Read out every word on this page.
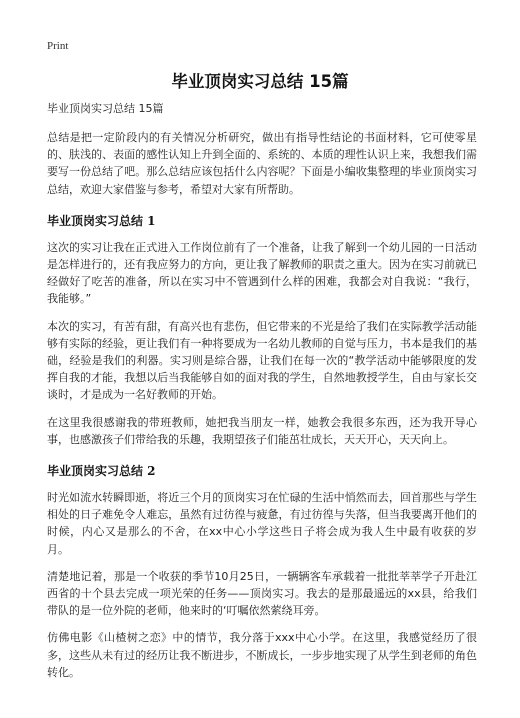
Print
毕业顶岗实习总结 15篇
毕业顶岗实习总结 15篇

总结是把一定阶段内的有关情况分析研究，做出有指导性结论的书面材料，它可使零星的、肤浅的、表面的感性认知上升到全面的、系统的、本质的理性认识上来，我想我们需要写一份总结了吧。那么总结应该包括什么内容呢？下面是小编收集整理的毕业顶岗实习总结，欢迎大家借鉴与参考，希望对大家有所帮助。

毕业顶岗实习总结 1

这次的实习让我在正式进入工作岗位前有了一个准备，让我了解到一个幼儿园的一日活动是怎样进行的，还有我应努力的方向，更让我了解教师的职责之重大。因为在实习前就已经做好了吃苦的准备，所以在实习中不管遇到什么样的困难，我都会对自我说：“我行，我能够。”

本次的实习，有苦有甜，有高兴也有悲伤，但它带来的不光是给了我们在实际教学活动能够有实际的经验，更让我们有一种将要成为一名幼儿教师的自觉与压力，书本是我们的基础，经验是我们的利器。实习则是综合器，让我们在每一次的“教学活动中能够限度的发挥自我的才能，我想以后当我能够自如的面对我的学生，自然地教授学生，自由与家长交谈时，才是成为一名好教师的开始。

在这里我很感谢我的带班教师，她把我当朋友一样，她教会我很多东西，还为我开导心事，也感激孩子们带给我的乐趣，我期望孩子们能茁壮成长，天天开心，天天向上。

毕业顶岗实习总结 2

时光如流水转瞬即逝，将近三个月的顶岗实习在忙碌的生活中悄然而去，回首那些与学生相处的日子难免令人难忘，虽然有过彷徨与疲惫，有过彷徨与失落，但当我要离开他们的时候，内心又是那么的不舍，在xx中心小学这些日子将会成为我人生中最有收获的岁月。

清楚地记着，那是一个收获的季节10月25日，一辆辆客车承载着一批批莘莘学子开赴江西省的十个县去完成一项光荣的任务——顶岗实习。我去的是那最遥远的xx县，给我们带队的是一位外院的老师，他来时的‘叮嘱依然萦绕耳旁。

仿佛电影《山楂树之恋》中的情节，我分落于xxx中心小学。在这里，我感觉经历了很多，这些从未有过的经历让我不断进步，不断成长，一步步地实现了从学生到老师的角色转化。
